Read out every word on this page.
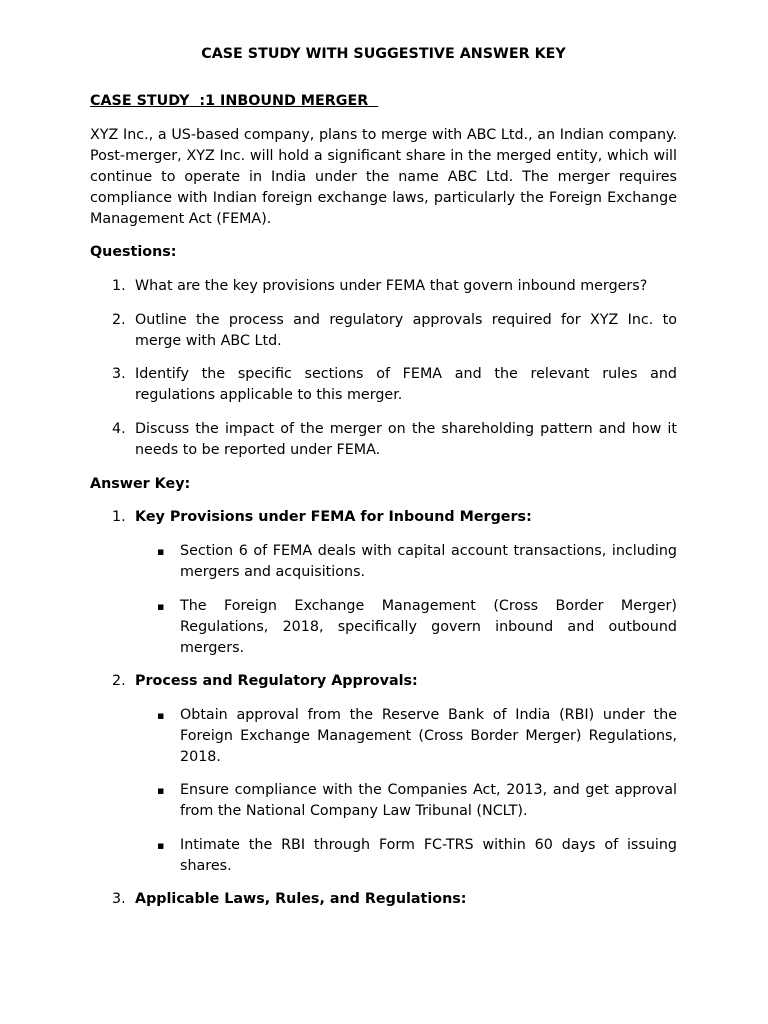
CASE STUDY WITH SUGGESTIVE ANSWER KEY
CASE STUDY  :1 INBOUND MERGER
XYZ Inc., a US-based company, plans to merge with ABC Ltd., an Indian company. Post-merger, XYZ Inc. will hold a significant share in the merged entity, which will continue to operate in India under the name ABC Ltd. The merger requires compliance with Indian foreign exchange laws, particularly the Foreign Exchange Management Act (FEMA).
Questions:
1. What are the key provisions under FEMA that govern inbound mergers?
2. Outline the process and regulatory approvals required for XYZ Inc. to merge with ABC Ltd.
3. Identify the specific sections of FEMA and the relevant rules and regulations applicable to this merger.
4. Discuss the impact of the merger on the shareholding pattern and how it needs to be reported under FEMA.
Answer Key:
1. Key Provisions under FEMA for Inbound Mergers:
▪ Section 6 of FEMA deals with capital account transactions, including mergers and acquisitions.
▪ The Foreign Exchange Management (Cross Border Merger) Regulations, 2018, specifically govern inbound and outbound mergers.
2. Process and Regulatory Approvals:
▪ Obtain approval from the Reserve Bank of India (RBI) under the Foreign Exchange Management (Cross Border Merger) Regulations, 2018.
▪ Ensure compliance with the Companies Act, 2013, and get approval from the National Company Law Tribunal (NCLT).
▪ Intimate the RBI through Form FC-TRS within 60 days of issuing shares.
3. Applicable Laws, Rules, and Regulations:
